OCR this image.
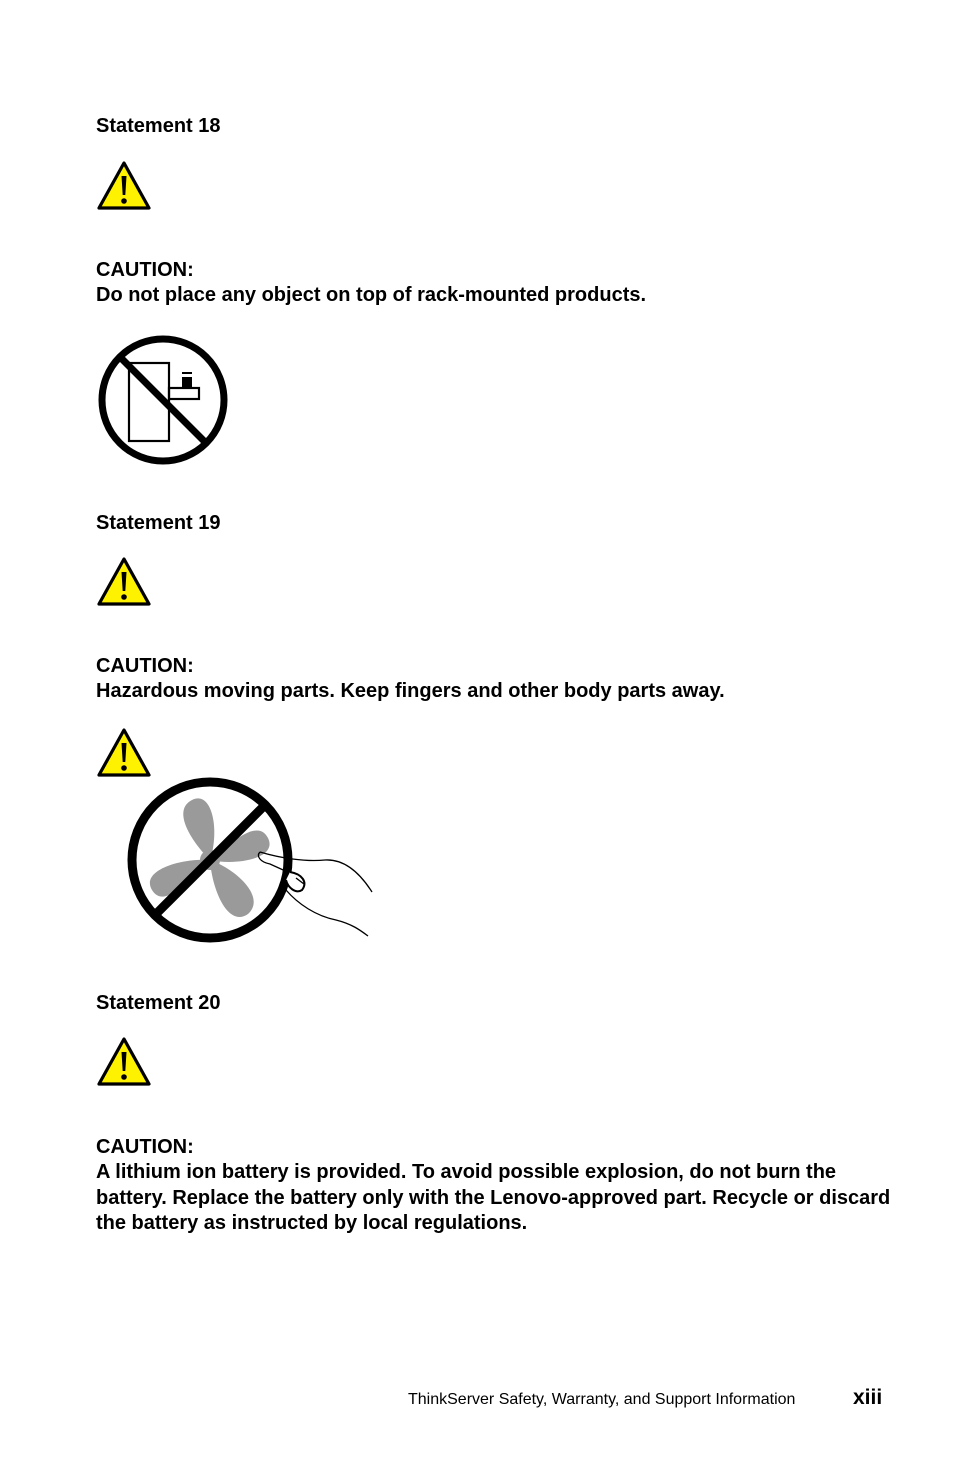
Statement 18
CAUTION:
Do not place any object on top of rack-mounted products.
Statement 19
CAUTION:
Hazardous moving parts. Keep fingers and other body parts away.
Statement 20
CAUTION:
A lithium ion battery is provided. To avoid possible explosion, do not burn the battery. Replace the battery only with the Lenovo-approved part. Recycle or discard the battery as instructed by local regulations.
ThinkServer Safety, Warranty, and Support Information	xiii
